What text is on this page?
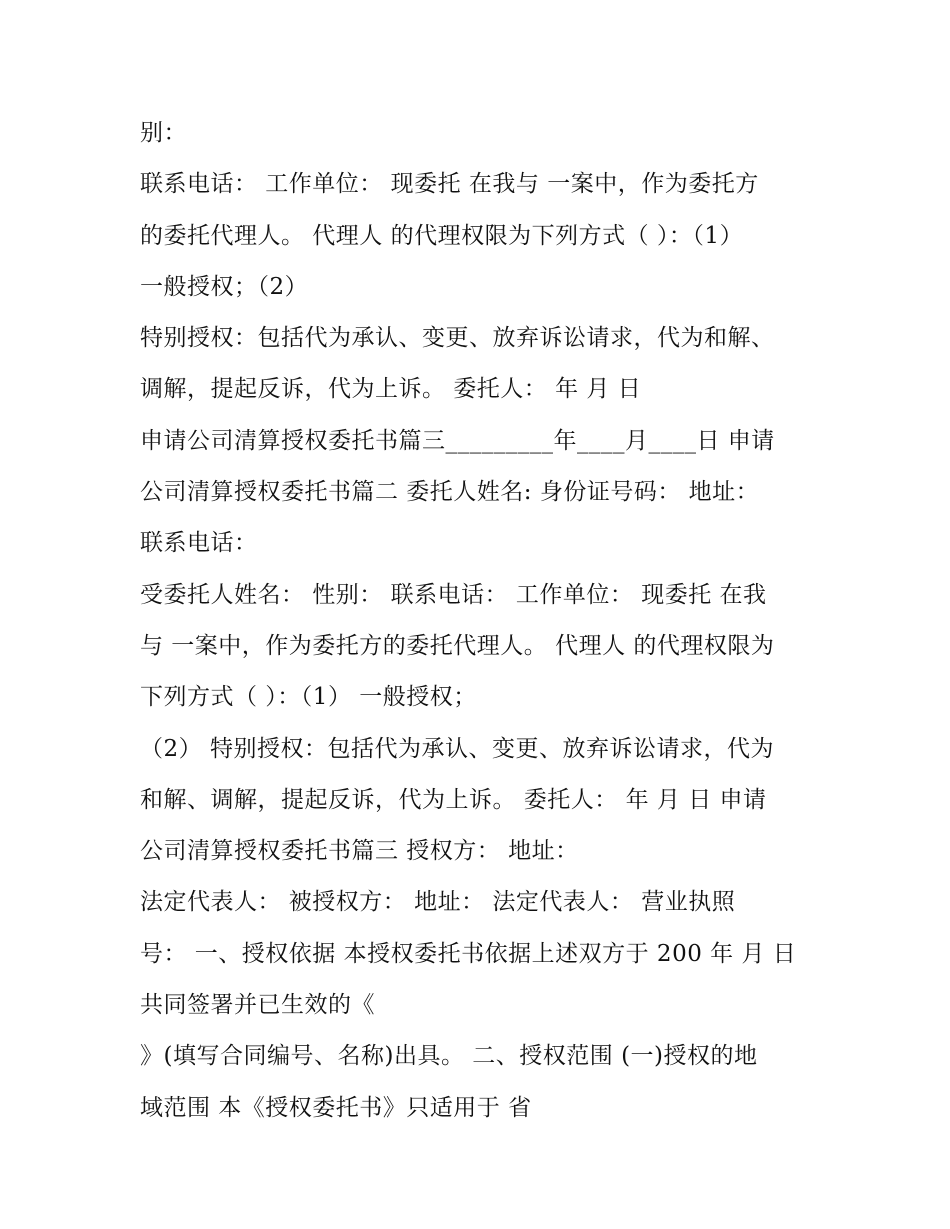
别：
联系电话： 工作单位： 现委托 在我与 一案中，作为委托方
的委托代理人。 代理人 的代理权限为下列方式（ ）：（1）
一般授权；（2）
特别授权：包括代为承认、变更、放弃诉讼请求，代为和解、
调解，提起反诉，代为上诉。 委托人： 年 月 日
申请公司清算授权委托书篇三_________年____月____日 申请
公司清算授权委托书篇二 委托人姓名: 身份证号码： 地址：
联系电话：
受委托人姓名： 性别： 联系电话： 工作单位： 现委托 在我
与 一案中，作为委托方的委托代理人。 代理人 的代理权限为
下列方式（ ）：（1） 一般授权；
（2） 特别授权：包括代为承认、变更、放弃诉讼请求，代为
和解、调解，提起反诉，代为上诉。 委托人： 年 月 日 申请
公司清算授权委托书篇三 授权方： 地址：
法定代表人： 被授权方： 地址： 法定代表人： 营业执照
号： 一、授权依据 本授权委托书依据上述双方于 200 年 月 日
共同签署并已生效的《
》(填写合同编号、名称)出具。 二、授权范围 (一)授权的地
域范围 本《授权委托书》只适用于 省
